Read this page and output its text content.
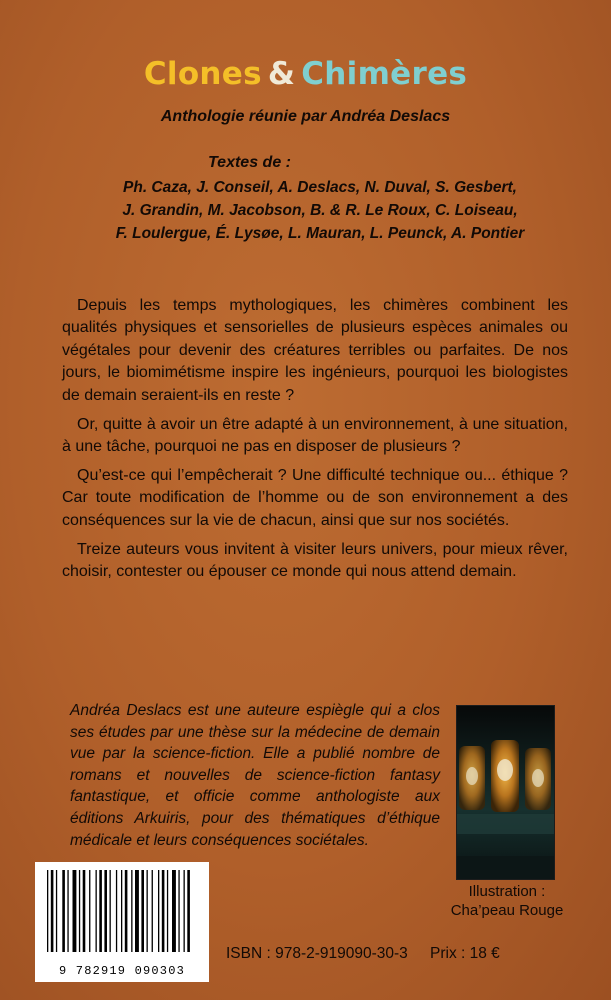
Clones & Chimères
Anthologie réunie par Andréa Deslacs
Textes de :
Ph. Caza, J. Conseil, A. Deslacs, N. Duval, S. Gesbert,
J. Grandin, M. Jacobson, B. & R. Le Roux, C. Loiseau,
F. Loulergue, É. Lysøe, L. Mauran, L. Peunck, A. Pontier

Depuis les temps mythologiques, les chimères combinent les qualités physiques et sensorielles de plusieurs espèces animales ou végétales pour devenir des créatures terribles ou parfaites. De nos jours, le biomimétisme inspire les ingénieurs, pourquoi les biologistes de demain seraient-ils en reste ?

Or, quitte à avoir un être adapté à un environnement, à une situation, à une tâche, pourquoi ne pas en disposer de plusieurs ?

Qu’est-ce qui l’empêcherait ? Une difficulté technique ou... éthique ? Car toute modification de l’homme ou de son environnement a des conséquences sur la vie de chacun, ainsi que sur nos sociétés.

Treize auteurs vous invitent à visiter leurs univers, pour mieux rêver, choisir, contester ou épouser ce monde qui nous attend demain.

Andréa Deslacs est une auteure espiègle qui a clos ses études par une thèse sur la médecine de demain vue par la science-fiction. Elle a publié nombre de romans et nouvelles de science-fiction fantasy fantastique, et officie comme anthologiste aux éditions Arkuiris, pour des thématiques d’éthique médicale et leurs conséquences sociétales.
Illustration :
Cha’peau Rouge
9 782919 090303
ISBN : 978-2-919090-30-3 Prix : 18 €
